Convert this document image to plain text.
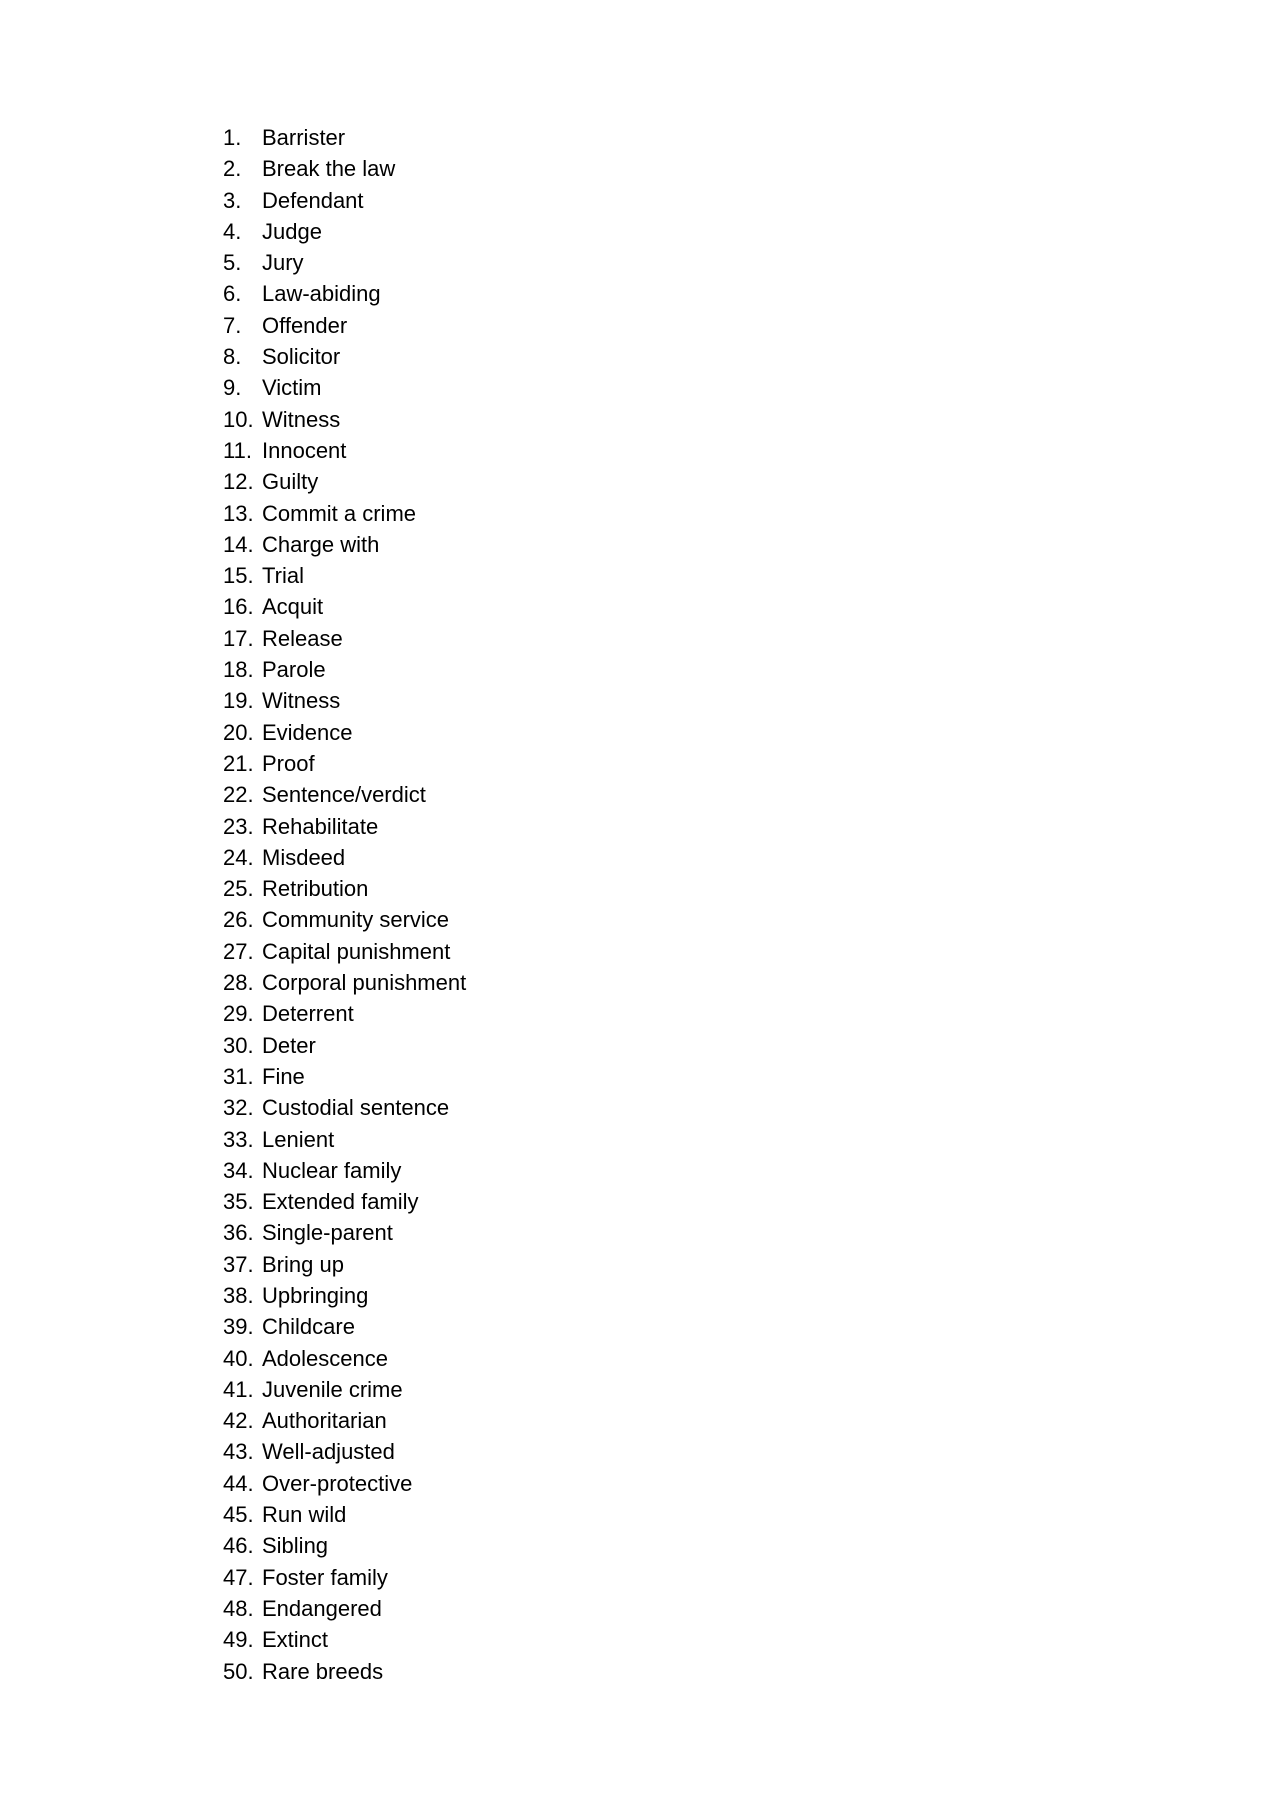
1. Barrister
2. Break the law
3. Defendant
4. Judge
5. Jury
6. Law-abiding
7. Offender
8. Solicitor
9. Victim
10. Witness
11. Innocent
12. Guilty
13. Commit a crime
14. Charge with
15. Trial
16. Acquit
17. Release
18. Parole
19. Witness
20. Evidence
21. Proof
22. Sentence/verdict
23. Rehabilitate
24. Misdeed
25. Retribution
26. Community service
27. Capital punishment
28. Corporal punishment
29. Deterrent
30. Deter
31. Fine
32. Custodial sentence
33. Lenient
34. Nuclear family
35. Extended family
36. Single-parent
37. Bring up
38. Upbringing
39. Childcare
40. Adolescence
41. Juvenile crime
42. Authoritarian
43. Well-adjusted
44. Over-protective
45. Run wild
46. Sibling
47. Foster family
48. Endangered
49. Extinct
50. Rare breeds
